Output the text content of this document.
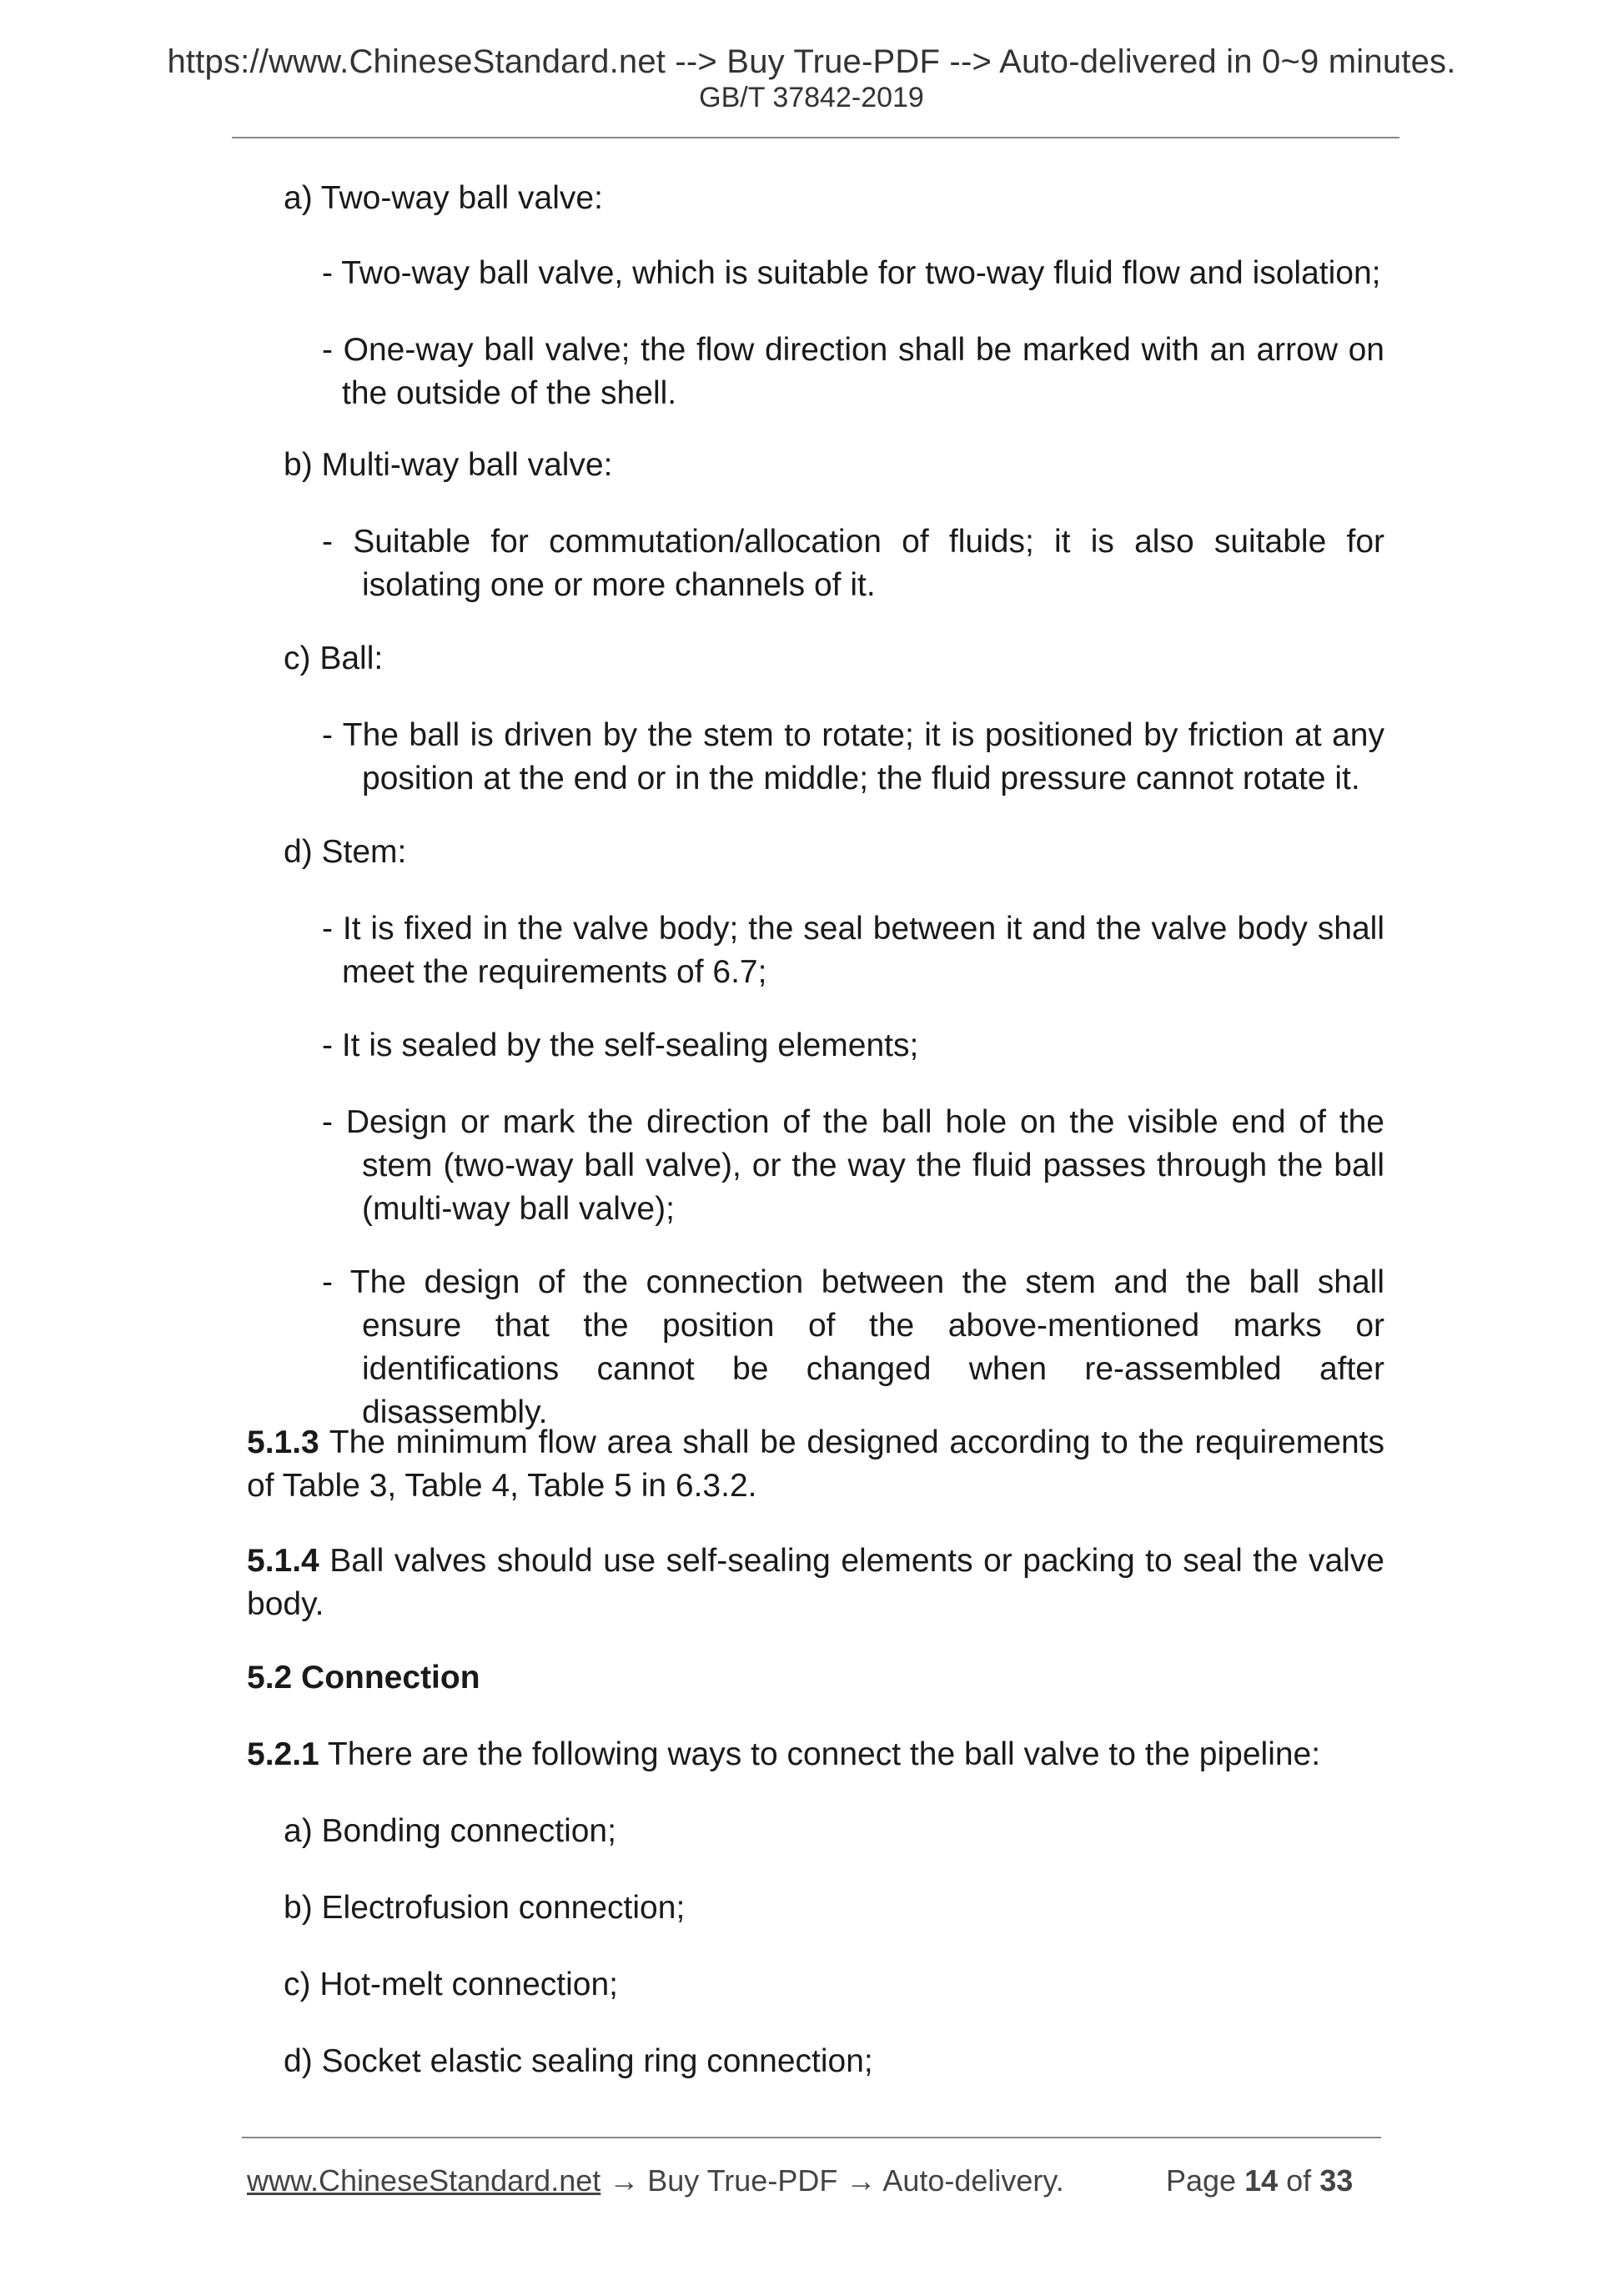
https://www.ChineseStandard.net --> Buy True-PDF --> Auto-delivered in 0~9 minutes.
GB/T 37842-2019

a) Two-way ball valve:

- Two-way ball valve, which is suitable for two-way fluid flow and isolation;

- One-way ball valve; the flow direction shall be marked with an arrow on the outside of the shell.

b) Multi-way ball valve:

- Suitable for commutation/allocation of fluids; it is also suitable for isolating one or more channels of it.

c) Ball:

- The ball is driven by the stem to rotate; it is positioned by friction at any position at the end or in the middle; the fluid pressure cannot rotate it.

d) Stem:

- It is fixed in the valve body; the seal between it and the valve body shall meet the requirements of 6.7;

- It is sealed by the self-sealing elements;

- Design or mark the direction of the ball hole on the visible end of the stem (two-way ball valve), or the way the fluid passes through the ball (multi-way ball valve);

- The design of the connection between the stem and the ball shall ensure that the position of the above-mentioned marks or identifications cannot be changed when re-assembled after disassembly.

5.1.3 The minimum flow area shall be designed according to the requirements of Table 3, Table 4, Table 5 in 6.3.2.

5.1.4 Ball valves should use self-sealing elements or packing to seal the valve body.

5.2 Connection

5.2.1 There are the following ways to connect the ball valve to the pipeline:

a) Bonding connection;

b) Electrofusion connection;

c) Hot-melt connection;

d) Socket elastic sealing ring connection;

www.ChineseStandard.net → Buy True-PDF → Auto-delivery.	Page 14 of 33
